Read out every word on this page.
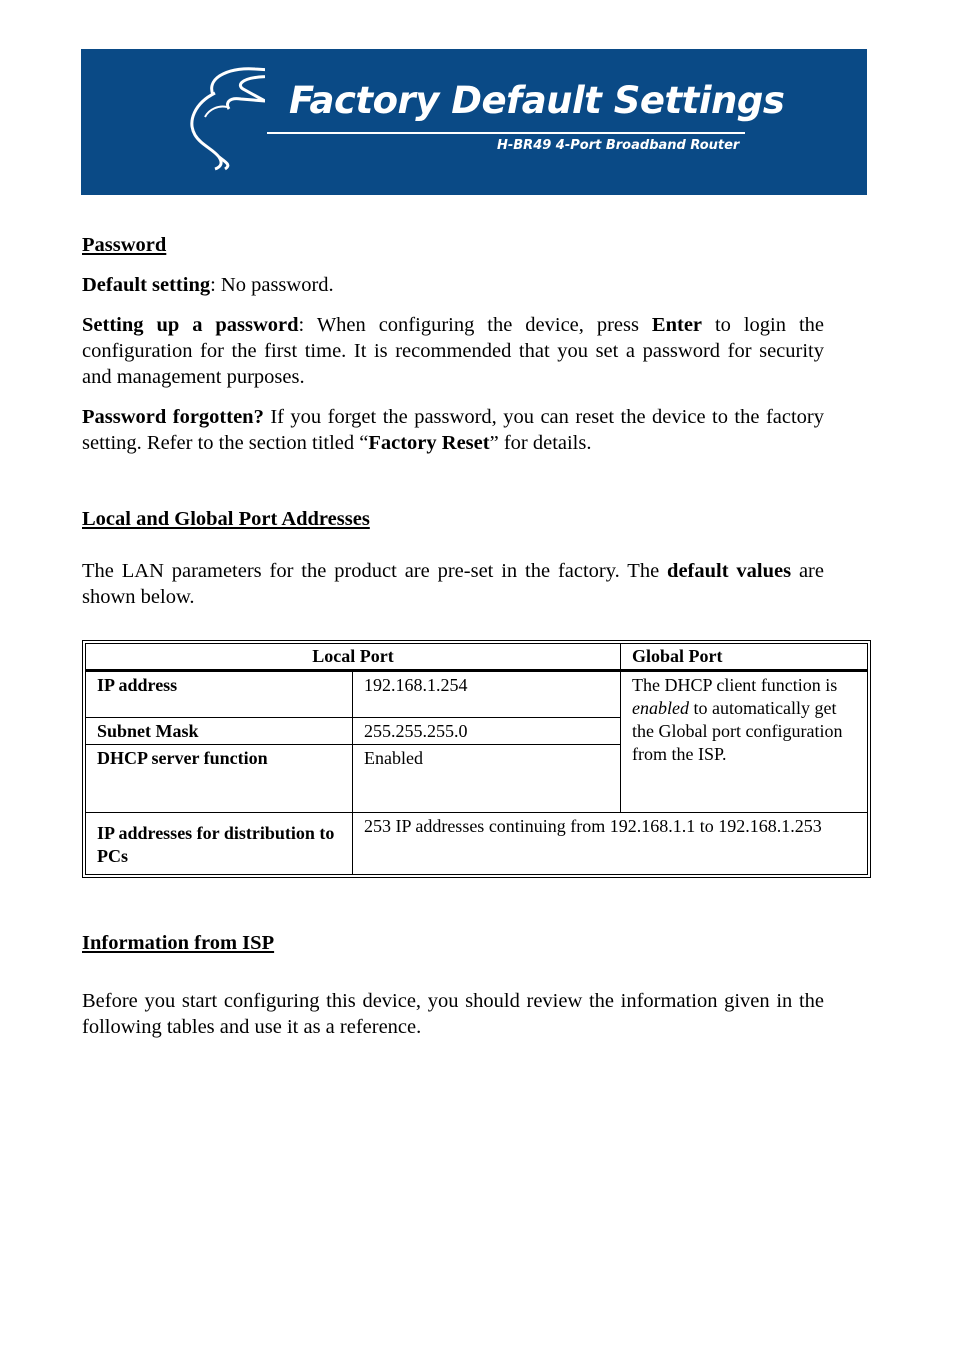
Factory Default Settings
H-BR49 4-Port Broadband Router
Password

Default setting: No password.

Setting up a password: When configuring the device, press Enter to login the configuration for the first time. It is recommended that you set a password for security and management purposes.

Password forgotten? If you forget the password, you can reset the device to the factory setting. Refer to the section titled “Factory Reset” for details.

Local and Global Port Addresses

The LAN parameters for the product are pre-set in the factory. The default values are shown below.

Local Port		Global Port
IP address	192.168.1.254	The DHCP client function is enabled to automatically get the Global port configuration from the ISP.
Subnet Mask	255.255.255.0	
DHCP server function	Enabled	
IP addresses for distribution to PCs	253 IP addresses continuing from 192.168.1.1 to 192.168.1.253	
Information from ISP

Before you start configuring this device, you should review the information given in the following tables and use it as a reference.
